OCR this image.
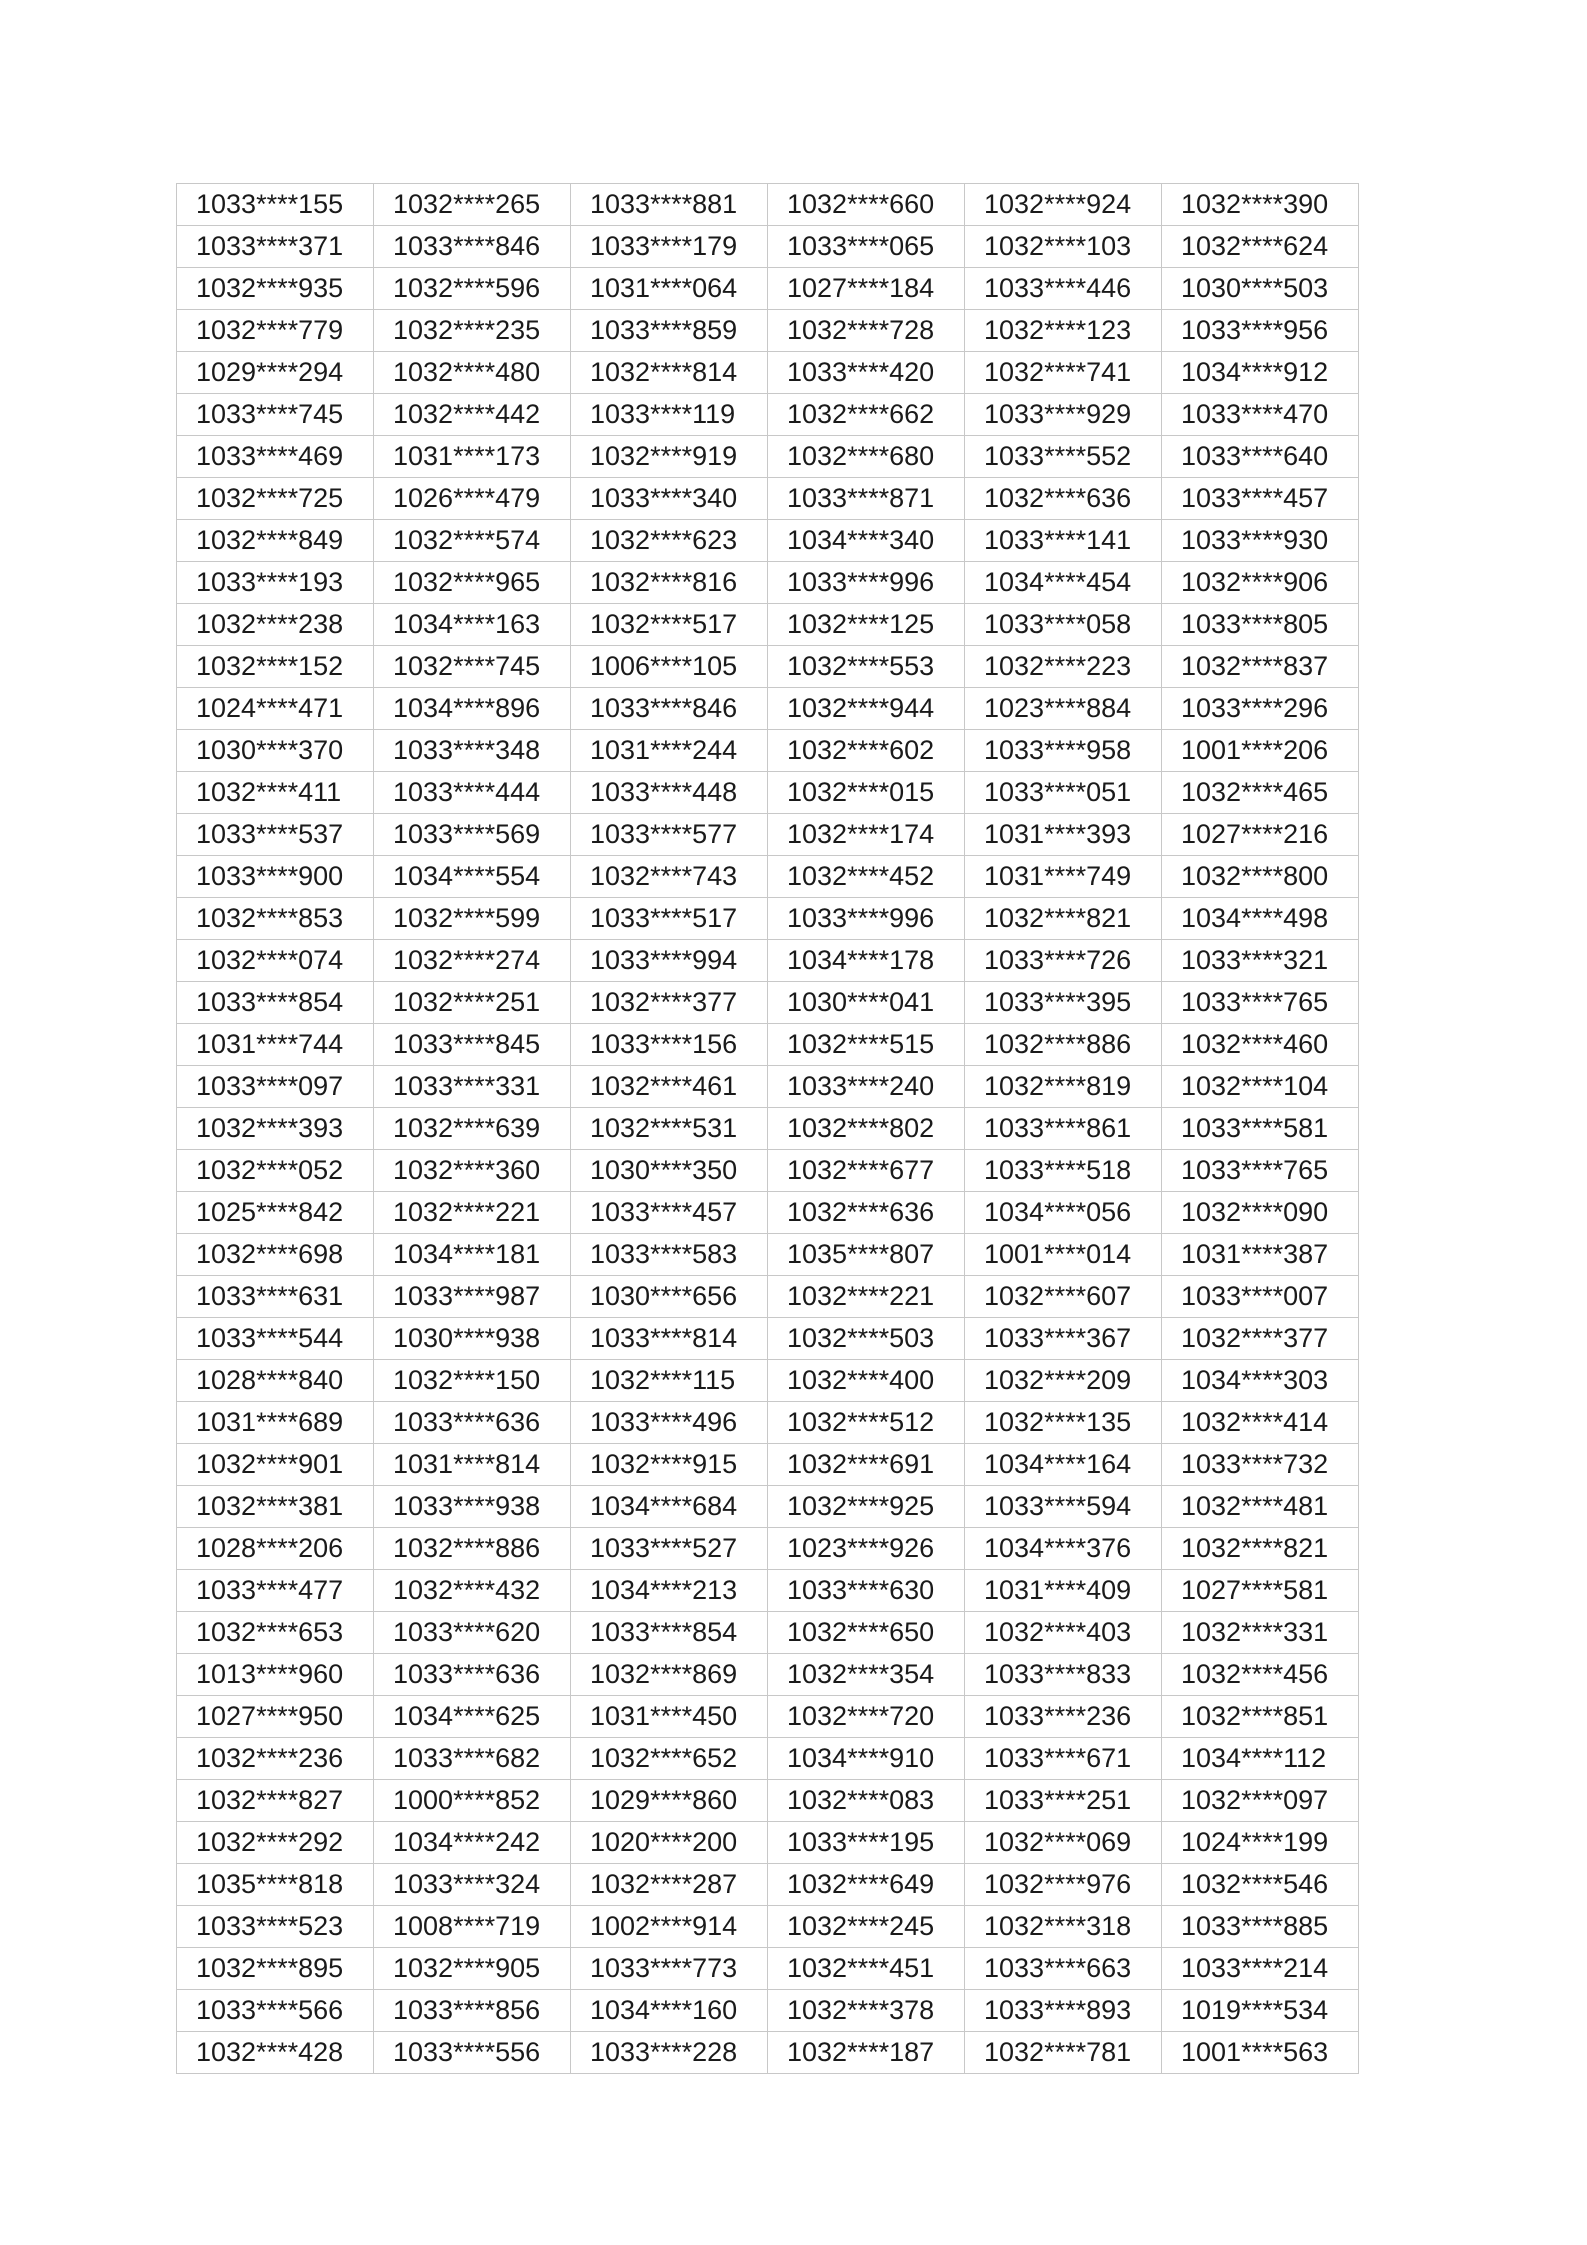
1033****155	1032****265	1033****881	1032****660	1032****924	1032****390
1033****371	1033****846	1033****179	1033****065	1032****103	1032****624
1032****935	1032****596	1031****064	1027****184	1033****446	1030****503
1032****779	1032****235	1033****859	1032****728	1032****123	1033****956
1029****294	1032****480	1032****814	1033****420	1032****741	1034****912
1033****745	1032****442	1033****119	1032****662	1033****929	1033****470
1033****469	1031****173	1032****919	1032****680	1033****552	1033****640
1032****725	1026****479	1033****340	1033****871	1032****636	1033****457
1032****849	1032****574	1032****623	1034****340	1033****141	1033****930
1033****193	1032****965	1032****816	1033****996	1034****454	1032****906
1032****238	1034****163	1032****517	1032****125	1033****058	1033****805
1032****152	1032****745	1006****105	1032****553	1032****223	1032****837
1024****471	1034****896	1033****846	1032****944	1023****884	1033****296
1030****370	1033****348	1031****244	1032****602	1033****958	1001****206
1032****411	1033****444	1033****448	1032****015	1033****051	1032****465
1033****537	1033****569	1033****577	1032****174	1031****393	1027****216
1033****900	1034****554	1032****743	1032****452	1031****749	1032****800
1032****853	1032****599	1033****517	1033****996	1032****821	1034****498
1032****074	1032****274	1033****994	1034****178	1033****726	1033****321
1033****854	1032****251	1032****377	1030****041	1033****395	1033****765
1031****744	1033****845	1033****156	1032****515	1032****886	1032****460
1033****097	1033****331	1032****461	1033****240	1032****819	1032****104
1032****393	1032****639	1032****531	1032****802	1033****861	1033****581
1032****052	1032****360	1030****350	1032****677	1033****518	1033****765
1025****842	1032****221	1033****457	1032****636	1034****056	1032****090
1032****698	1034****181	1033****583	1035****807	1001****014	1031****387
1033****631	1033****987	1030****656	1032****221	1032****607	1033****007
1033****544	1030****938	1033****814	1032****503	1033****367	1032****377
1028****840	1032****150	1032****115	1032****400	1032****209	1034****303
1031****689	1033****636	1033****496	1032****512	1032****135	1032****414
1032****901	1031****814	1032****915	1032****691	1034****164	1033****732
1032****381	1033****938	1034****684	1032****925	1033****594	1032****481
1028****206	1032****886	1033****527	1023****926	1034****376	1032****821
1033****477	1032****432	1034****213	1033****630	1031****409	1027****581
1032****653	1033****620	1033****854	1032****650	1032****403	1032****331
1013****960	1033****636	1032****869	1032****354	1033****833	1032****456
1027****950	1034****625	1031****450	1032****720	1033****236	1032****851
1032****236	1033****682	1032****652	1034****910	1033****671	1034****112
1032****827	1000****852	1029****860	1032****083	1033****251	1032****097
1032****292	1034****242	1020****200	1033****195	1032****069	1024****199
1035****818	1033****324	1032****287	1032****649	1032****976	1032****546
1033****523	1008****719	1002****914	1032****245	1032****318	1033****885
1032****895	1032****905	1033****773	1032****451	1033****663	1033****214
1033****566	1033****856	1034****160	1032****378	1033****893	1019****534
1032****428	1033****556	1033****228	1032****187	1032****781	1001****563
